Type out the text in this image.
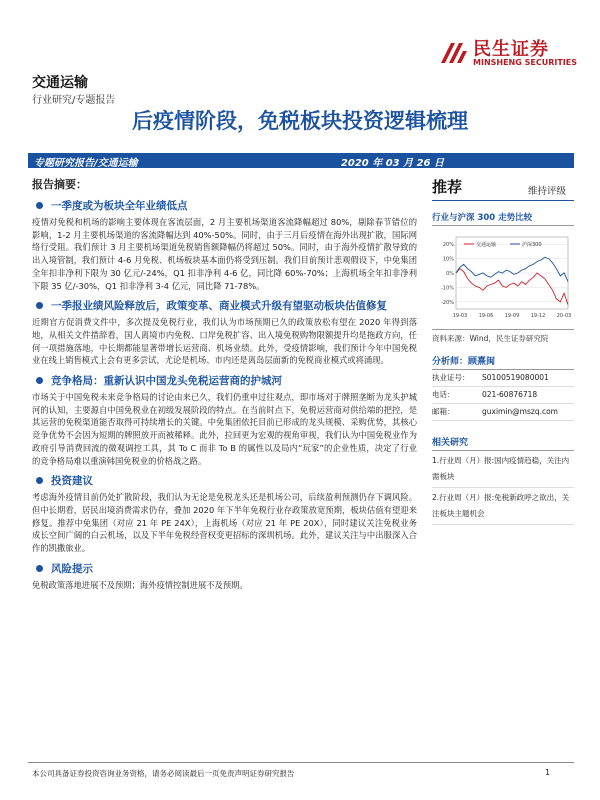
民生证券
MINSHENG SECURITIES
交通运输
行业研究/专题报告
后疫情阶段，免税板块投资逻辑梳理
专题研究报告/交通运输	2020 年 03 月 26 日
报告摘要：
一季度或为板块全年业绩低点
疫情对免税和机场的影响主要体现在客流层面，2 月主要机场渠道客流降幅超过 80%，剔除春节错位的影响，1-2 月主要机场渠道的客流降幅达到 40%-50%。同时，由于三月后疫情在海外出现扩散，国际网络行受阻。我们预计 3 月主要机场渠道免税销售额降幅仍将超过 50%。同时，由于海外疫情扩散导致的出入境管制，我们预计 4-6 月免税、机场板块基本面仍将受到压制。我们目前预计悲观假设下，中免集团全年扣非净利下限为 30 亿元/-24%，Q1 扣非净利 4-6 亿，同比降 60%-70%；上海机场全年扣非净利下限 35 亿/-30%，Q1 扣非净利 3-4 亿元，同比降 71-78%。
一季报业绩风险释放后，政策变革、商业模式升级有望驱动板块估值修复
近期官方促消费文件中，多次提及免税行业，我们认为市场预期已久的政策放松有望在 2020 年得到落地，从相关文件措辞看，国人离境市内免税、口岸免税扩容、出入境免税购物限额提升均是拖政方向，任何一项措施落地，中长期都能显著带增长运营商、机场业绩。此外，受疫情影响，我们预计今年中国免税业在线上销售模式上会有更多尝试，尤论是机场、市内还是离岛层面新的免税商业模式或将涌现。
竞争格局：重新认识中国龙头免税运营商的护城河
市场关于中国免税未来竞争格局的讨论由来已久，我们仍重申过往观点，即市场对于牌照垄断为龙头护城河的认知，主要源自中国免税业在初级发展阶段的特点。在当前时点下，免税运营商对供给端的把控，是其运营的免税渠道能否取得可持续增长的关键。中免集团依托目前已形成的龙头规模、采购优势，其核心竞争优势不会因为短期的牌照放开而被稀释。此外，拉回更为宏观的视角审视，我们认为中国免税业作为政府引导消费回流的微观调控工具，其 To C 而非 To B 的属性以及局内“玩家”的企业性质，决定了行业的竞争格局难以重演韩国免税业的价格战之路。
投资建议
考虑海外疫情目前仍处扩散阶段，我们认为无论是免税龙头还是机场公司，后续盈利预测仍存下调风险。但中长期看，居民出境消费需求仍存，叠加 2020 年下半年免税行业存政策放宽预期，板块估值有望迎来修复。推荐中免集团（对应 21 年 PE 24X），上海机场（对应 21 年 PE 20X），同时建议关注免税业务成长空间广阔的白云机场，以及下半年免税经营权变更招标的深圳机场。此外，建议关注与中出服深入合作的凯撒旅业。
风险提示
免税政策落地进展不及预期；海外疫情控制进展不及预期。
推荐	维持评级
行业与沪深 300 走势比较
20%
10%
0%
-10%
-20%
19-03 19-06 19-09 19-12 20-03
交通运输	沪深300
资料来源：Wind，民生证券研究院
分析师：顾熹闽
执业证号：	S0100519080001
电话：	021-60876718
邮箱：	guximin@mszq.com
相关研究
1.行业周（月）报:国内疫情趋稳，关注内需板块
2.行业周（月）报:免税新政呼之欲出，关注板块主题机会
本公司具备证券投资咨询业务资格，请务必阅读最后一页免责声明证券研究报告	1
